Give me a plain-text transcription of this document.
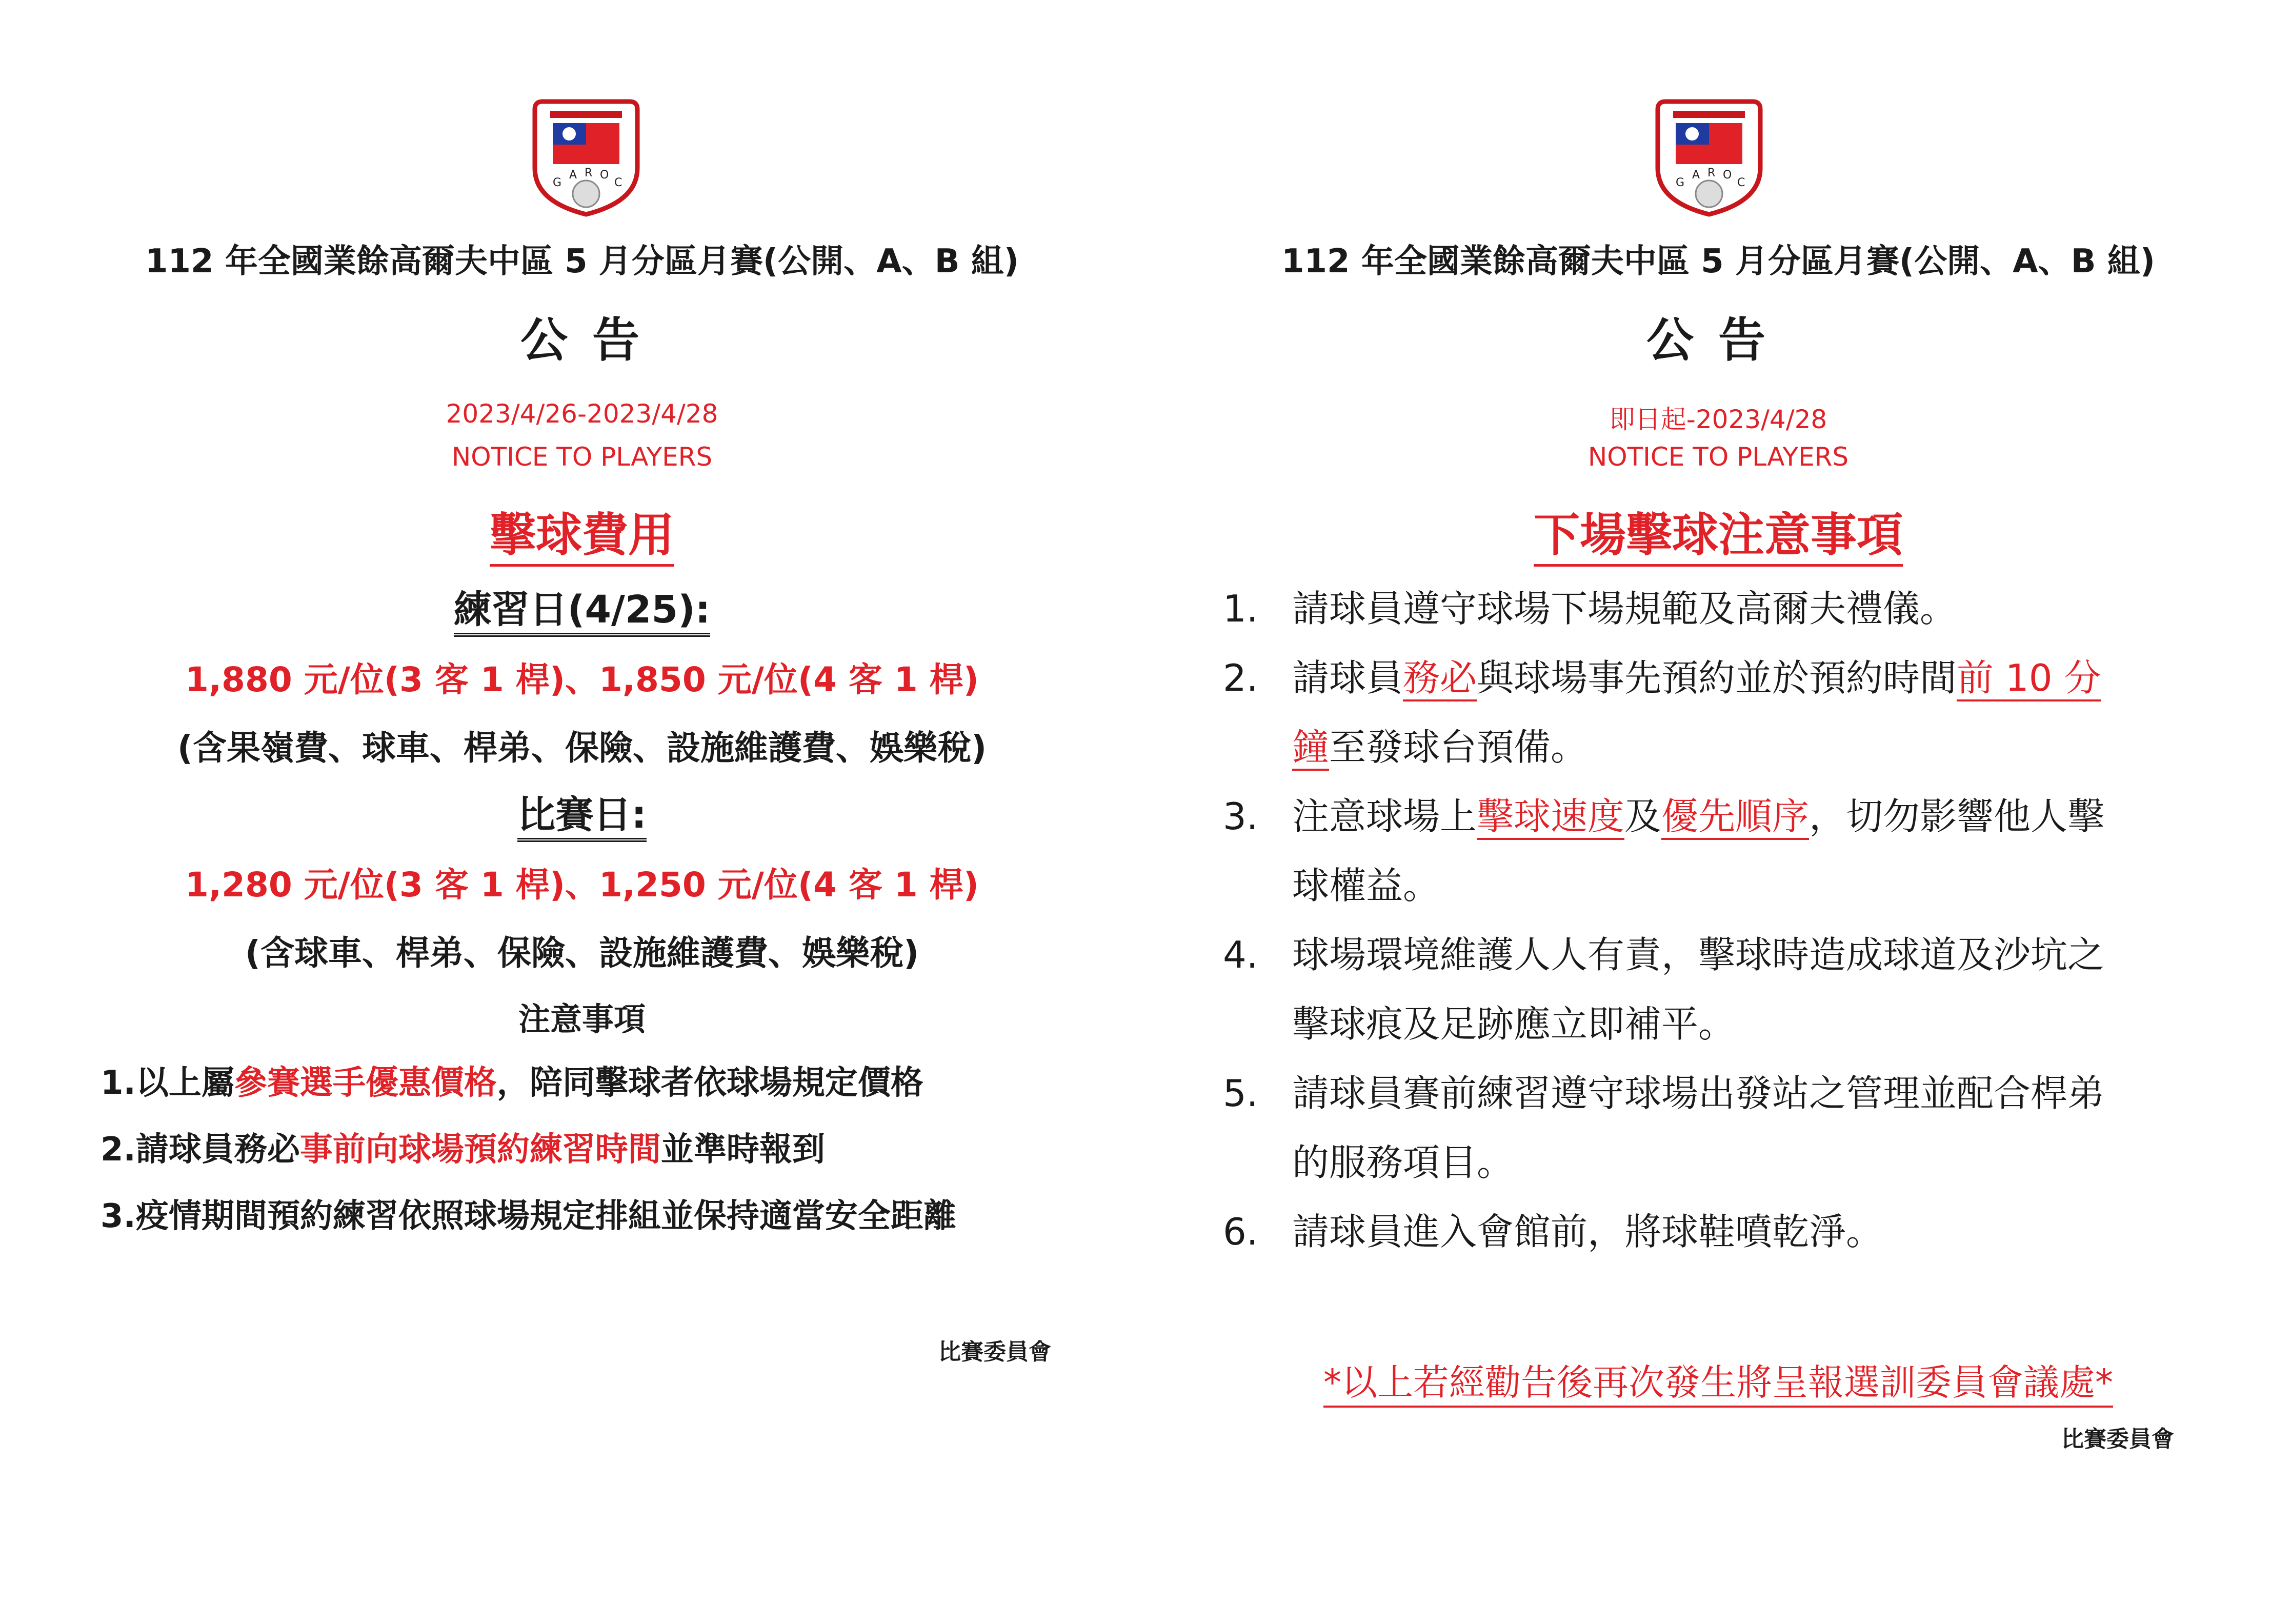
G
A R O
C
112 年全國業餘高爾夫中區 5 月分區月賽(公開、A、B 組)
公告
2023/4/26-2023/4/28
NOTICE TO PLAYERS
擊球費用
練習日(4/25):
1,880 元/位(3 客 1 桿)、1,850 元/位(4 客 1 桿)
(含果嶺費、球車、桿弟、保險、設施維護費、娛樂稅)
比賽日:
1,280 元/位(3 客 1 桿)、1,250 元/位(4 客 1 桿)
(含球車、桿弟、保險、設施維護費、娛樂稅)
注意事項
1.以上屬參賽選手優惠價格，陪同擊球者依球場規定價格
2.請球員務必事前向球場預約練習時間並準時報到
3.疫情期間預約練習依照球場規定排組並保持適當安全距離
比賽委員會
G
A R O
C
112 年全國業餘高爾夫中區 5 月分區月賽(公開、A、B 組)
公告
即日起-2023/4/28
NOTICE TO PLAYERS
下場擊球注意事項
1. 請球員遵守球場下場規範及高爾夫禮儀。
2. 請球員務必與球場事先預約並於預約時間前 10 分
鐘至發球台預備。
3. 注意球場上擊球速度及優先順序，切勿影響他人擊
球權益。
4. 球場環境維護人人有責，擊球時造成球道及沙坑之
擊球痕及足跡應立即補平。
5. 請球員賽前練習遵守球場出發站之管理並配合桿弟
的服務項目。
6. 請球員進入會館前，將球鞋噴乾淨。
*以上若經勸告後再次發生將呈報選訓委員會議處*
比賽委員會
